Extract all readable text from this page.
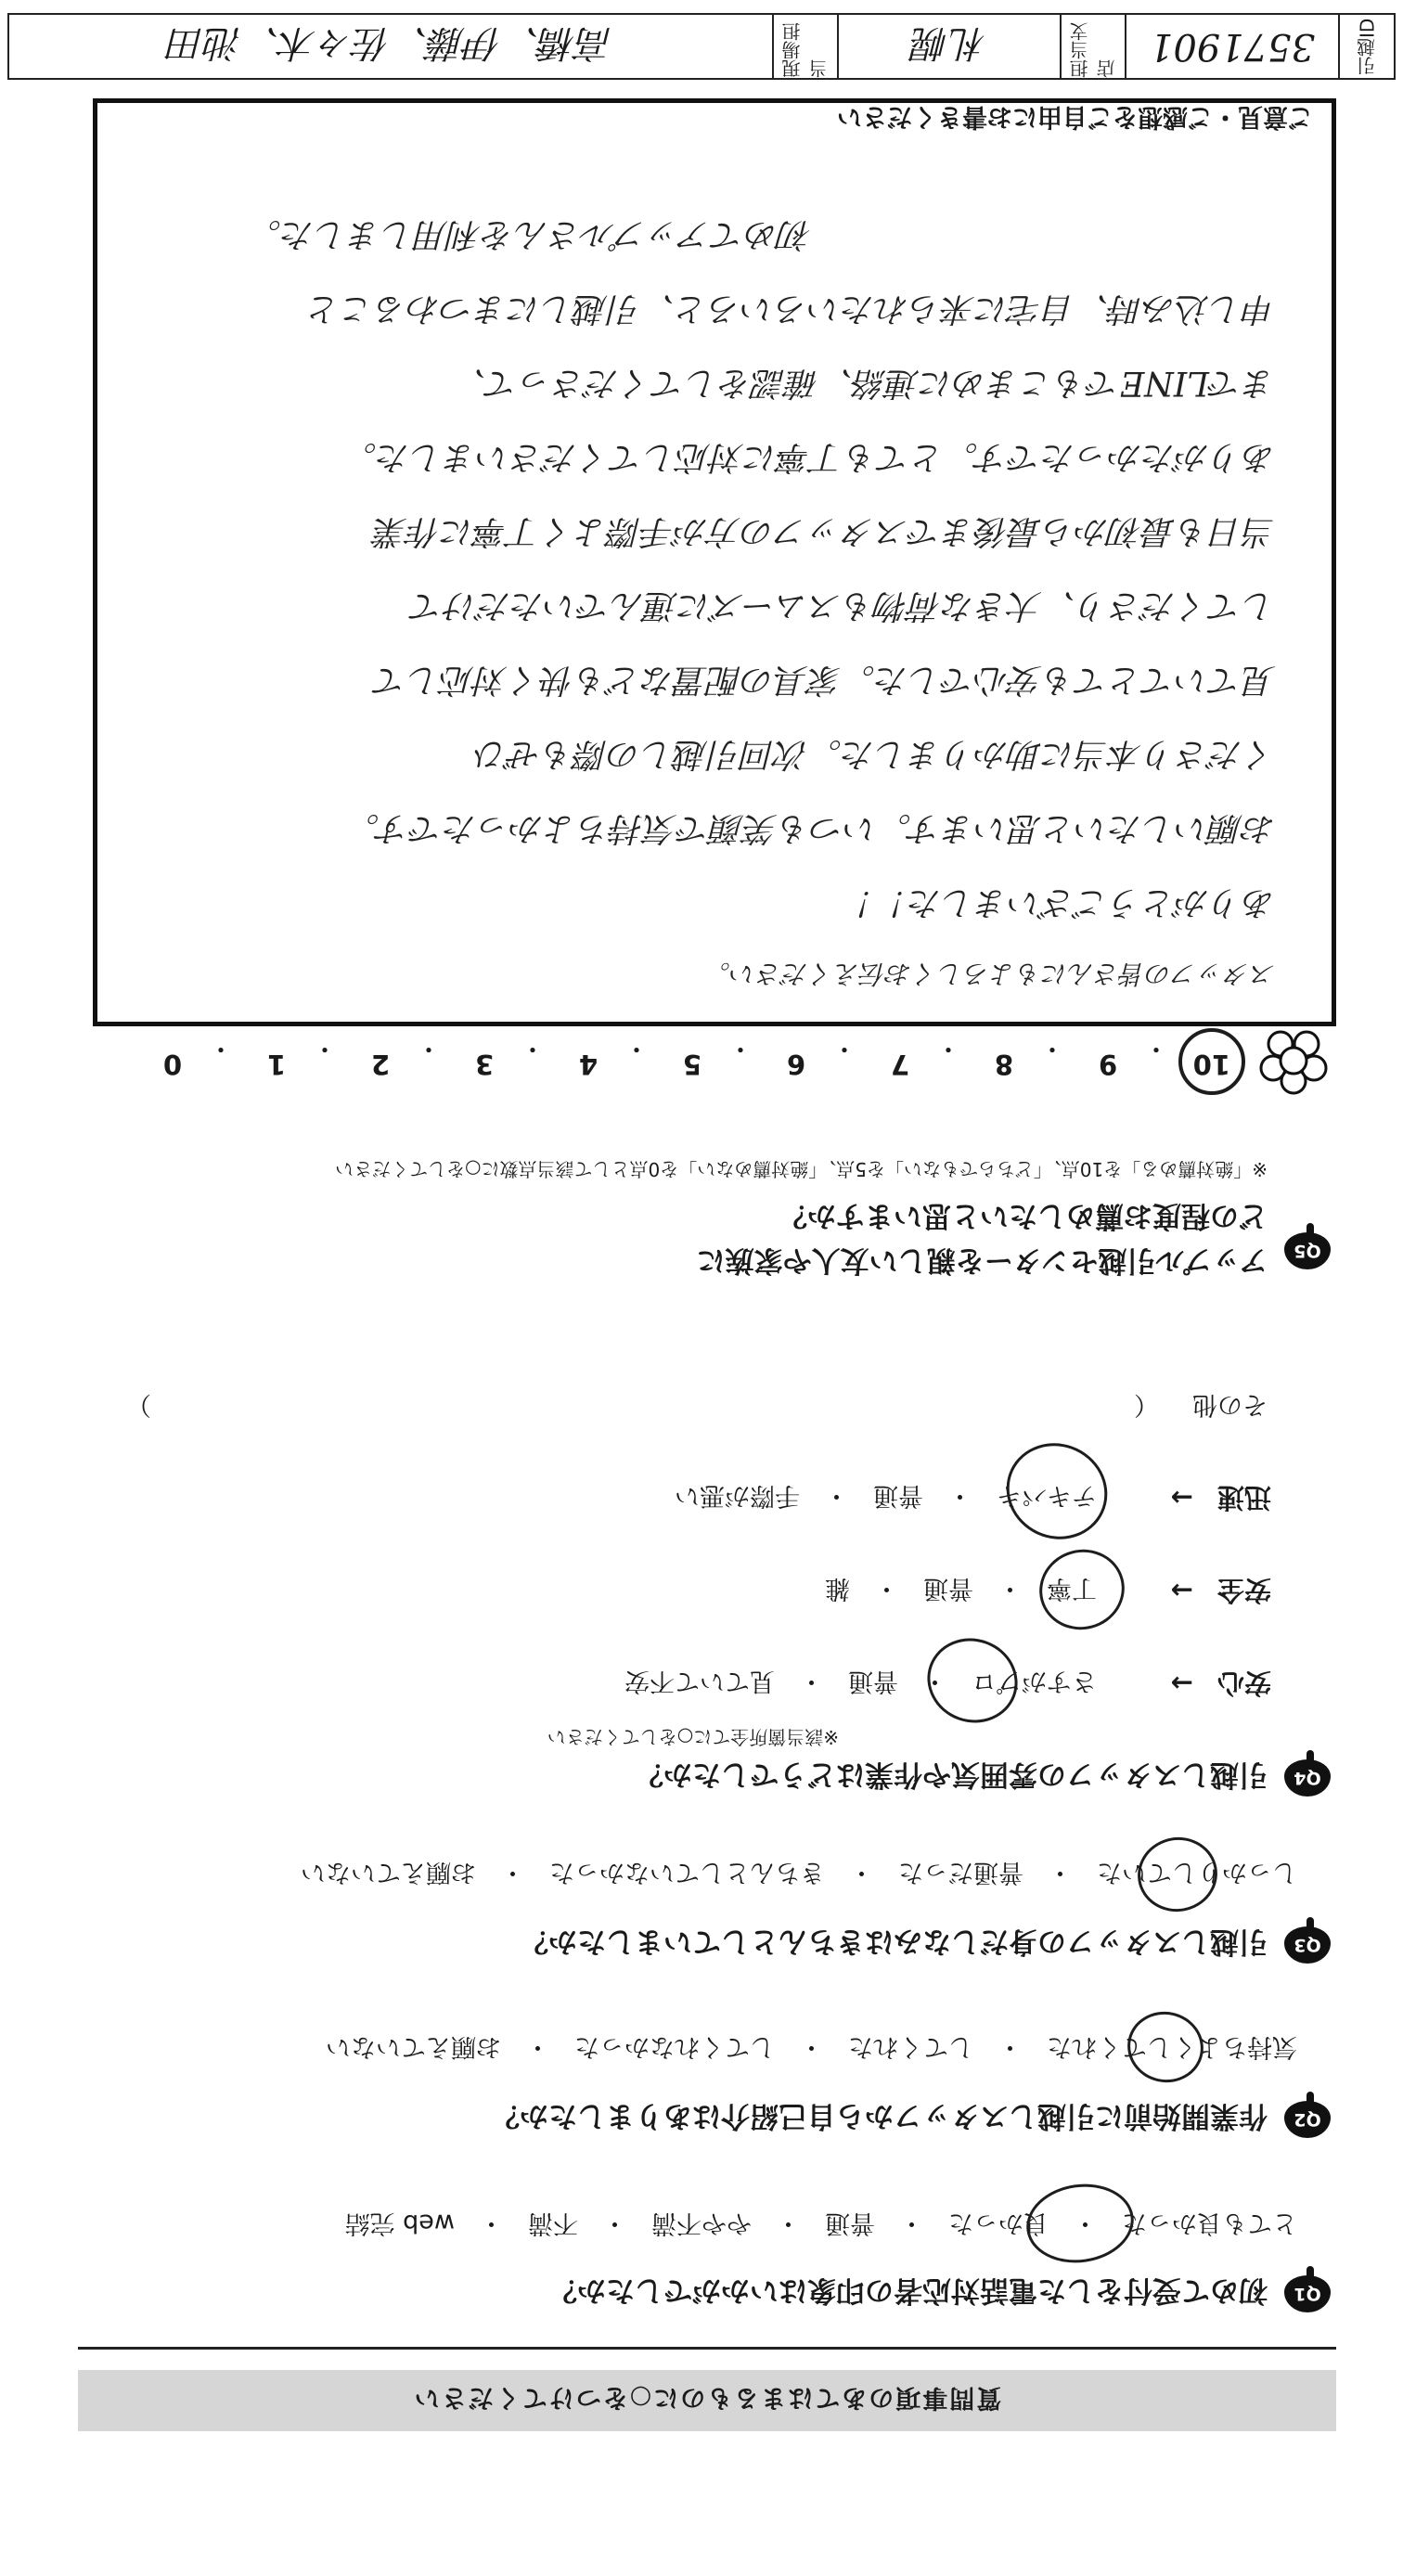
質問事項のあてはまるものに○をつけてください
Q1
初めて受付をした電話対応者の印象はいかがでしたか？
とても良かった
・
良かった
・
普通
・
やや不満
・
不満
・
web 完結
Q2
作業開始前に引越しスタッフから自己紹介はありましたか？
気持ちよくしてくれた
・
してくれた
・
してくれなかった
・
お願えていない
Q3
引越しスタッフの身だしなみはきちんとしていましたか？
しっかりしていた
・
普通だった
・
きちんとしていなかった
・
お願えていない
Q4
引越しスタッフの雰囲気や作業はどうでしたか？
※該当箇所全てに○をしてください
安心→
さすがプロ
・
普通
・
見ていて不安
安全→
丁寧
・
普通
・
雑
迅速→
テキパキ
・
普通
・
手際が悪い
その他
（
）
Q5
アップル引越センターを親しい友人や家族に
どの程度お薦めしたいと思いますか？
※「絶対薦める」を10点、「どちらでもない」を5点、「絶対薦めない」を0点として該当点数に○をしてください
10
・
9
・
8
・
7
・
6
・
5
・
4
・
3
・
2
・
1
・
0
ご意見・ご感想をご自由にお書きください
初めてアップルさんを利用しました。
申し込み時、自宅に来られたいろいろと、引越しにまつわること
までLINEでもこまめに連絡、確認をしてくださって、
ありがたかったです。とても丁寧に対応してくださいました。
当日も最初から最後までスタッフの方が手際よく丁寧に作業
してくださり、大きな荷物もスムーズに運んでいただけて
見ていてとても安心でした。家具の配置なども快く対応して
くださり本当に助かりました。次回引越しの際もぜひ
お願いしたいと思います。いつも笑顔で気持ちよかったです。
ありがとうございました！！
スタッフの皆さんにもよろしくお伝えください。
引越ID
3571901
担当支店
札幌
現場担当
高橋、伊藤、佐々木、池田
